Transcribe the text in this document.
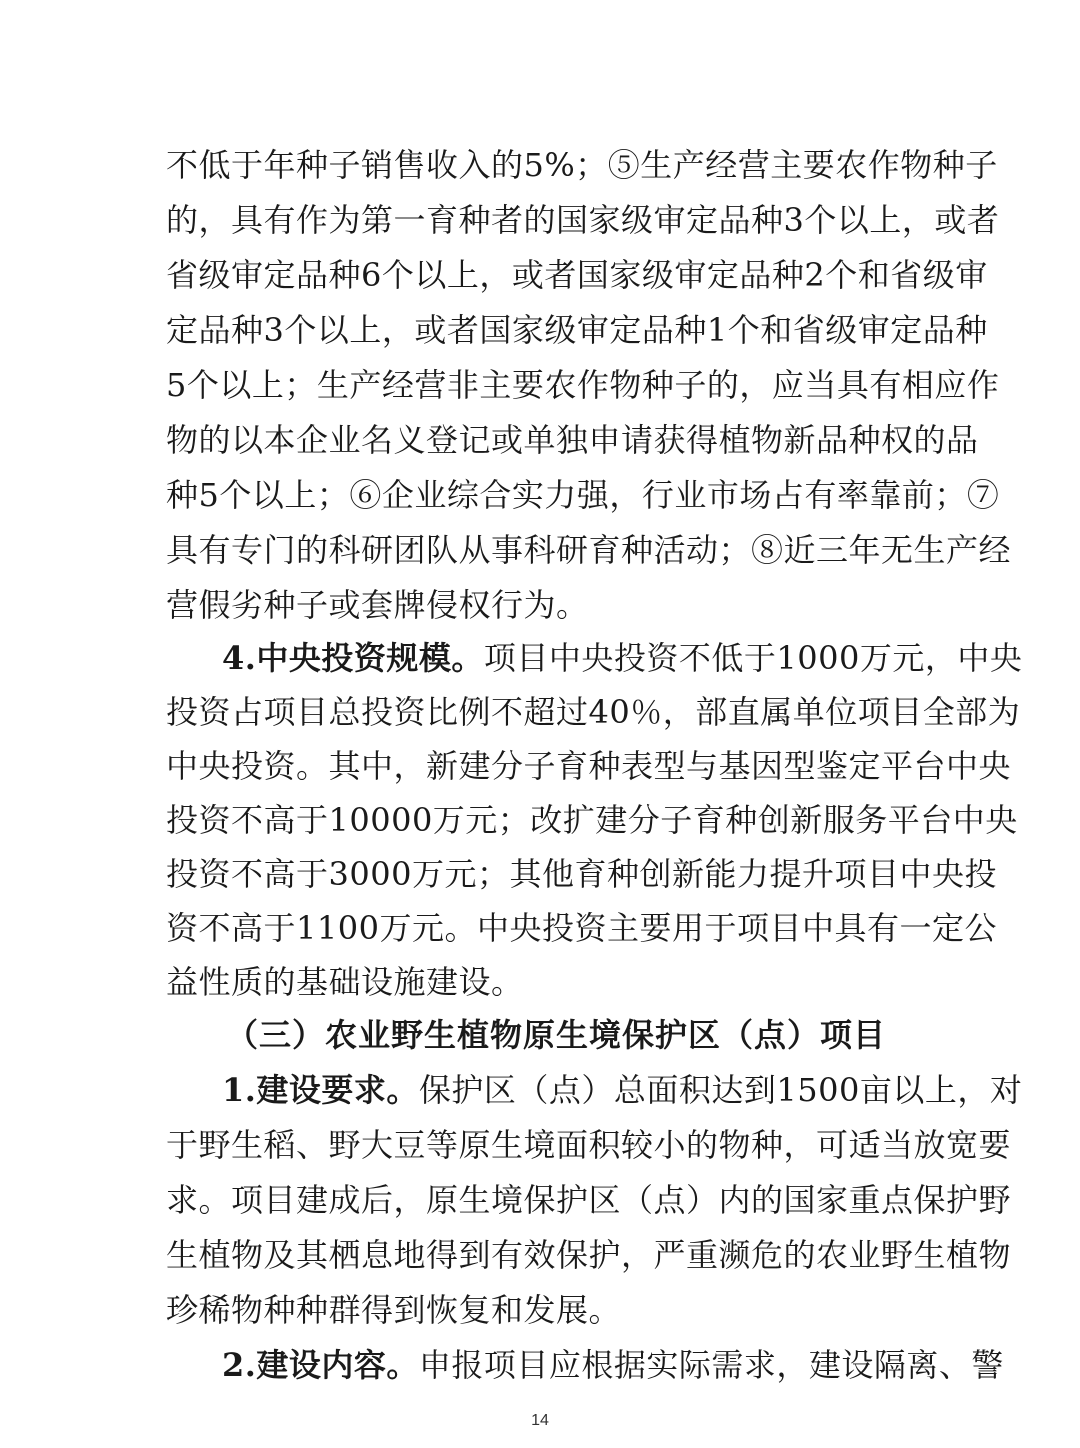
不低于年种子销售收入的5%；⑤生产经营主要农作物种子
的，具有作为第一育种者的国家级审定品种3个以上，或者
省级审定品种6个以上，或者国家级审定品种2个和省级审
定品种3个以上，或者国家级审定品种1个和省级审定品种
5个以上；生产经营非主要农作物种子的，应当具有相应作
物的以本企业名义登记或单独申请获得植物新品种权的品
种5个以上；⑥企业综合实力强，行业市场占有率靠前；⑦
具有专门的科研团队从事科研育种活动；⑧近三年无生产经
营假劣种子或套牌侵权行为。
4.中央投资规模。项目中央投资不低于1000万元，中央
投资占项目总投资比例不超过40％，部直属单位项目全部为
中央投资。其中，新建分子育种表型与基因型鉴定平台中央
投资不高于10000万元；改扩建分子育种创新服务平台中央
投资不高于3000万元；其他育种创新能力提升项目中央投
资不高于1100万元。中央投资主要用于项目中具有一定公
益性质的基础设施建设。
（三）农业野生植物原生境保护区（点）项目
1.建设要求。保护区（点）总面积达到1500亩以上，对
于野生稻、野大豆等原生境面积较小的物种，可适当放宽要
求。项目建成后，原生境保护区（点）内的国家重点保护野
生植物及其栖息地得到有效保护，严重濒危的农业野生植物
珍稀物种种群得到恢复和发展。
2.建设内容。申报项目应根据实际需求，建设隔离、警
14
